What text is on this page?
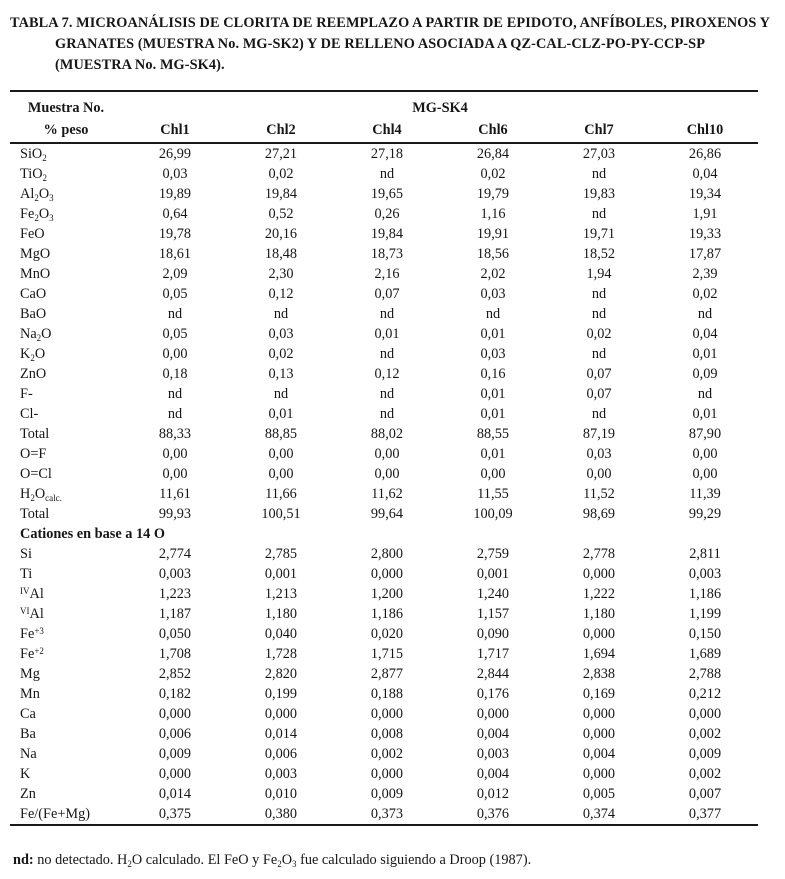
TABLA 7. MICROANÁLISIS DE CLORITA DE REEMPLAZO A PARTIR DE EPIDOTO, ANFÍBOLES, PIROXENOS Y GRANATES (MUESTRA No. MG-SK2) Y DE RELLENO ASOCIADA A QZ-CAL-CLZ-PO-PY-CCP-SP (MUESTRA No. MG-SK4).
Muestra No.	MG-SK4					
% peso	Chl1	Chl2	Chl4	Chl6	Chl7	Chl10
SiO$_2$	26,99	27,21	27,18	26,84	27,03	26,86
TiO$_2$	0,03	0,02	nd	0,02	nd	0,04
$Al_2O_3$	19,89	19,84	19,65	19,79	19,83	19,34
$Fe_2O_3$	0,64	0,52	0,26	1,16	nd	1,91
FeO	19,78	20,16	19,84	19,91	19,71	19,33
MgO	18,61	18,48	18,73	18,56	18,52	17,87
MnO	2,09	2,30	2,16	2,02	1,94	2,39
CaO	0,05	0,12	0,07	0,03	nd	0,02
BaO	nd	nd	nd	nd	nd	nd
$Na_2O$	0,05	0,03	0,01	0,01	0,02	0,04
$K_2O$	0,00	0,02	nd	0,03	nd	0,01
ZnO	0,18	0,13	0,12	0,16	0,07	0,09
F-	nd	nd	nd	0,01	0,07	nd
Cl-	nd	0,01	nd	0,01	nd	0,01
Total	88,33	88,85	88,02	88,55	87,19	87,90
O=F	0,00	0,00	0,00	0,01	0,03	0,00
O=Cl	0,00	0,00	0,00	0,00	0,00	0,00
$H_2O_{calc.}$	11,61	11,66	11,62	11,55	11,52	11,39
Total	99,93	100,51	99,64	100,09	98,69	99,29
Cationes en base a 14 O						
Si	2,774	2,785	2,800	2,759	2,778	2,811
Ti	0,003	0,001	0,000	0,001	0,000	0,003
$^{IV}$Al	1,223	1,213	1,200	1,240	1,222	1,186
$^{VI}$Al	1,187	1,180	1,186	1,157	1,180	1,199
$Fe^{+3}$	0,050	0,040	0,020	0,090	0,000	0,150
$Fe^{+2}$	1,708	1,728	1,715	1,717	1,694	1,689
Mg	2,852	2,820	2,877	2,844	2,838	2,788
Mn	0,182	0,199	0,188	0,176	0,169	0,212
Ca	0,000	0,000	0,000	0,000	0,000	0,000
Ba	0,006	0,014	0,008	0,004	0,000	0,002
Na	0,009	0,006	0,002	0,003	0,004	0,009
K	0,000	0,003	0,000	0,004	0,000	0,002
Zn	0,014	0,010	0,009	0,012	0,005	0,007
Fe/(Fe+Mg)	0,375	0,380	0,373	0,376	0,374	0,377
nd: no detectado. $H_2O$ calculado. El FeO y $Fe_2O_3$ fue calculado siguiendo a Droop (1987).
